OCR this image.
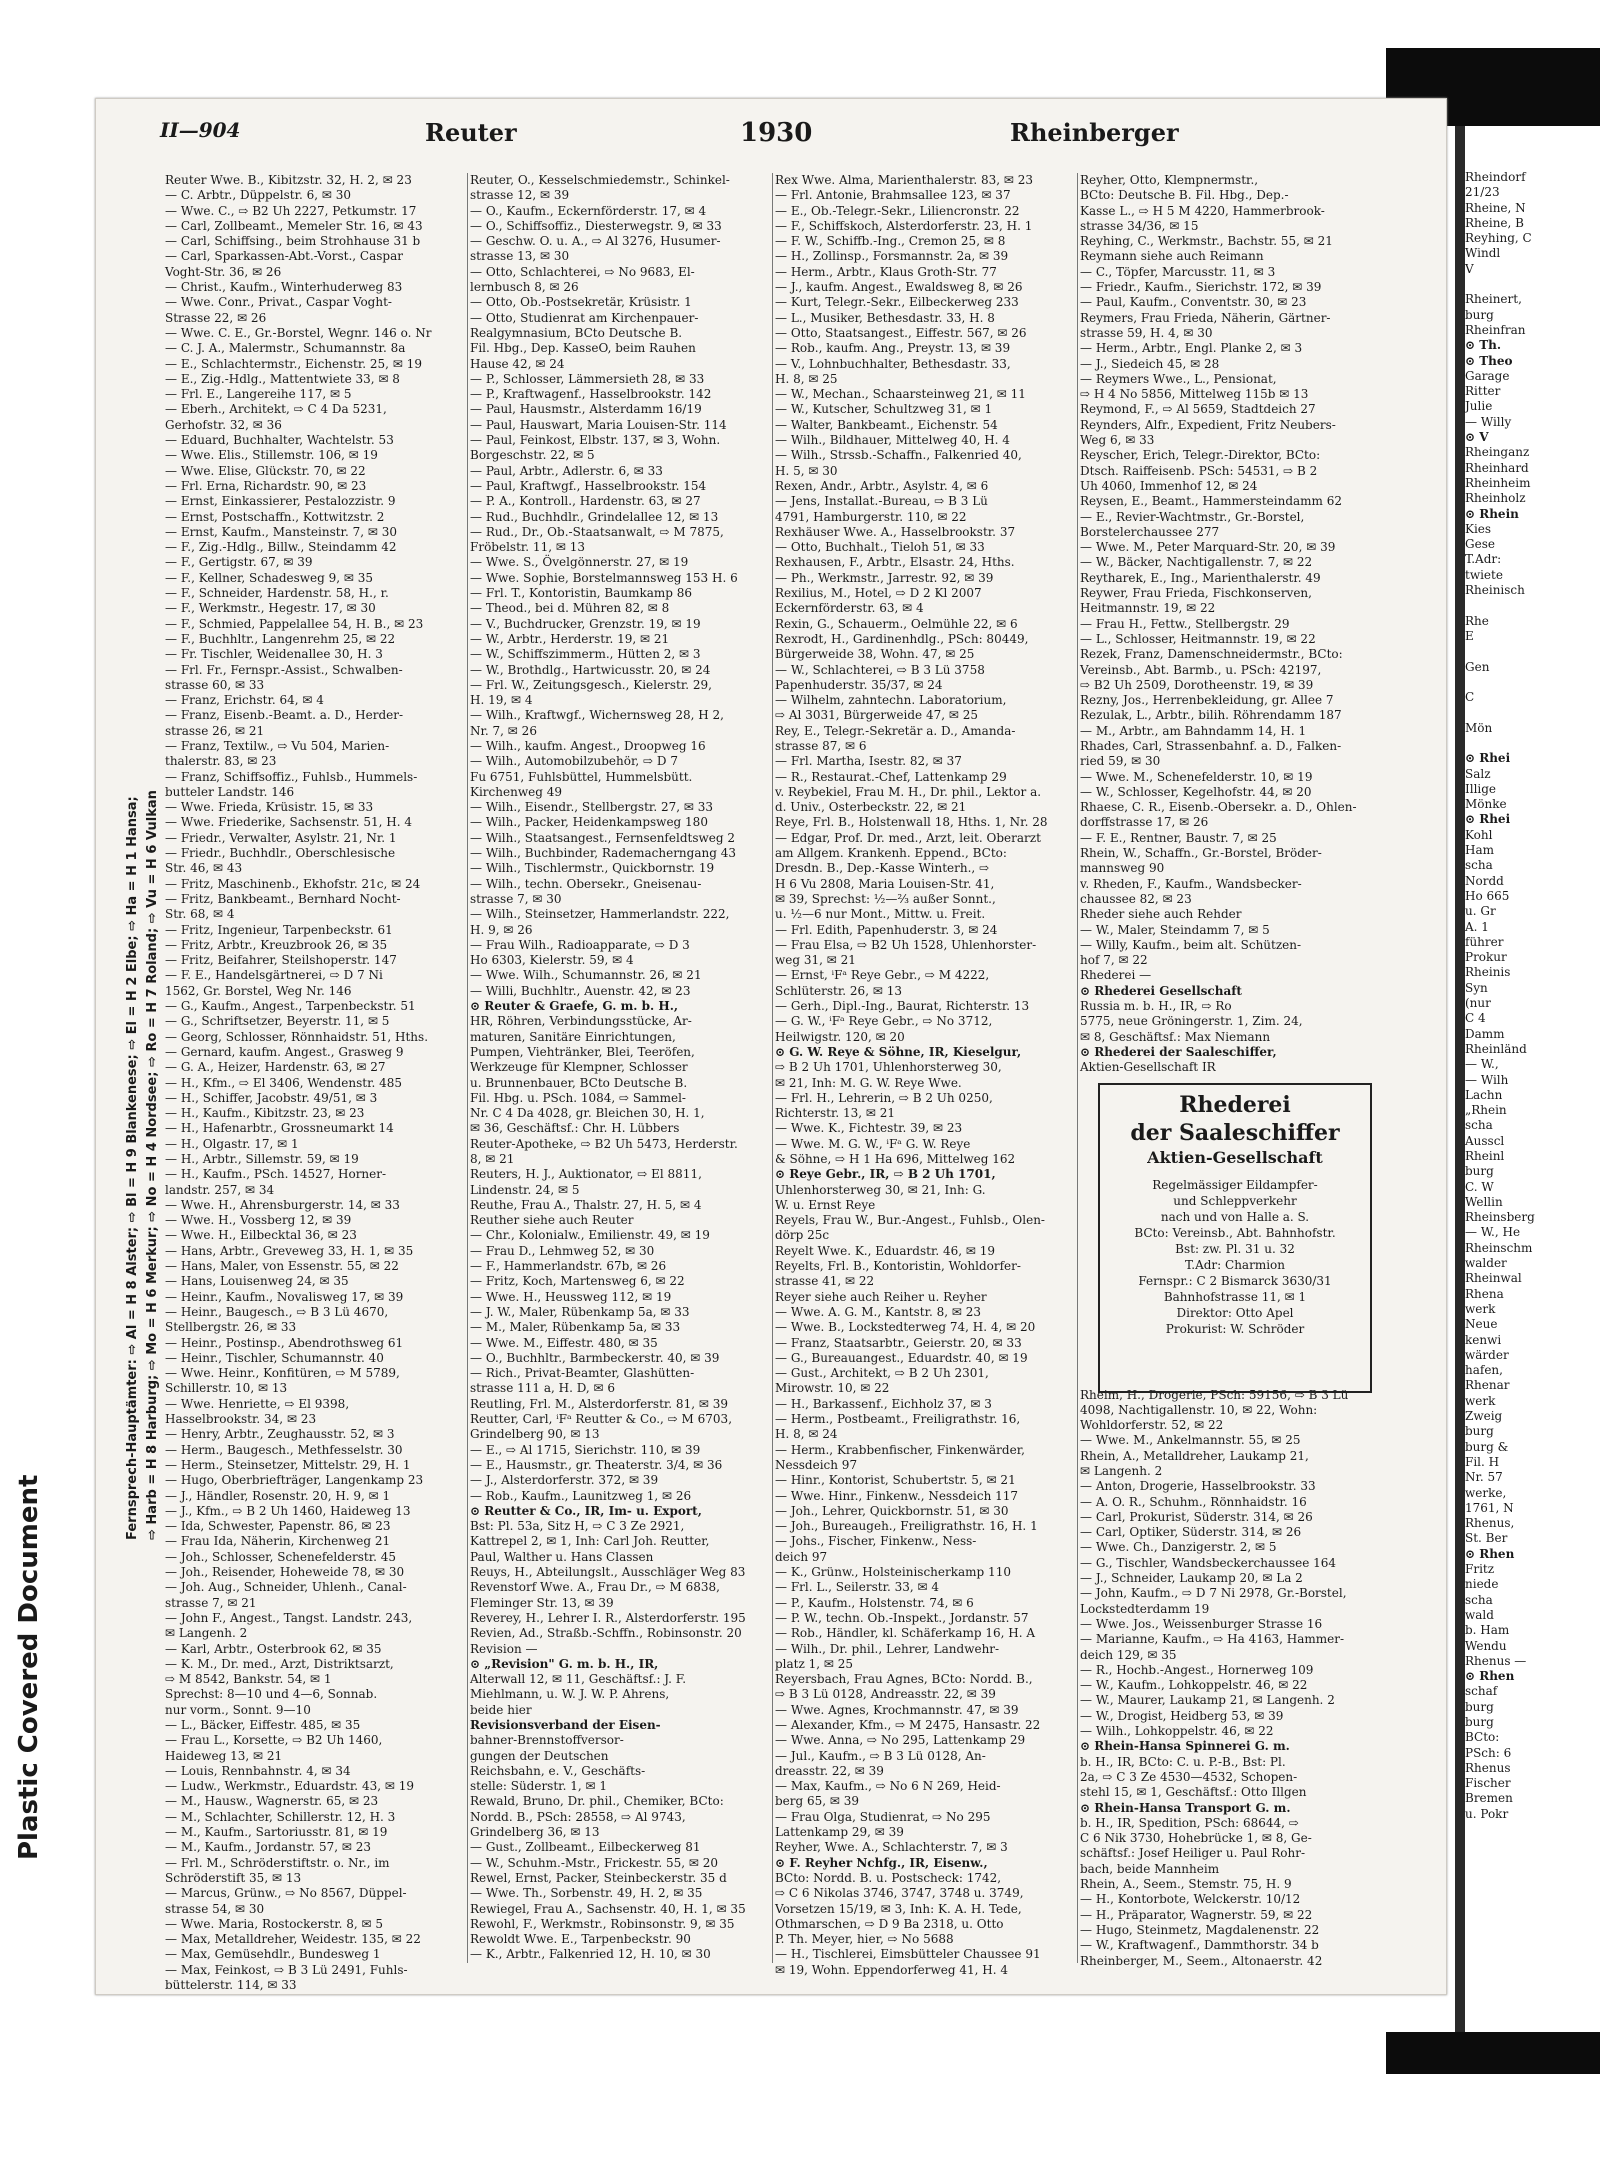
Plastic Covered Document
Fernsprech-Hauptämter: ⇨ Al = H 8 Alster; ⇨ Bl = H 9 Blankenese; ⇨ El = H 2 Elbe; ⇨ Ha = H 1 Hansa; ⇨ Harb = H 8 Harburg; ⇨ Mo = H 6 Merkur; ⇨ No = H 4 Nordsee; ⇨ Ro = H 7 Roland; ⇨ Vu = H 6 Vulkan
II—904	Reuter	1930	Rheinberger
Reuter Wwe. B., Kibitzstr. 32, H. 2, ✉ 23
— C. Arbtr., Düppelstr. 6, ✉ 30
— Wwe. C., ⇨ B2 Uh 2227, Petkumstr. 17
— Carl, Zollbeamt., Memeler Str. 16, ✉ 43
— Carl, Schiffsing., beim Strohhause 31 b
— Carl, Sparkassen-Abt.-Vorst., Caspar
Voght-Str. 36, ✉ 26
— Christ., Kaufm., Winterhuderweg 83
— Wwe. Conr., Privat., Caspar Voght-
Strasse 22, ✉ 26
— Wwe. C. E., Gr.-Borstel, Wegnr. 146 o. Nr
— C. J. A., Malermstr., Schumannstr. 8a
— E., Schlachtermstr., Eichenstr. 25, ✉ 19
— E., Zig.-Hdlg., Mattentwiete 33, ✉ 8
— Frl. E., Langereihe 117, ✉ 5
— Eberh., Architekt, ⇨ C 4 Da 5231,
Gerhofstr. 32, ✉ 36
— Eduard, Buchhalter, Wachtelstr. 53
— Wwe. Elis., Stillemstr. 106, ✉ 19
— Wwe. Elise, Glückstr. 70, ✉ 22
— Frl. Erna, Richardstr. 90, ✉ 23
— Ernst, Einkassierer, Pestalozzistr. 9
— Ernst, Postschaffn., Kottwitzstr. 2
— Ernst, Kaufm., Mansteinstr. 7, ✉ 30
— F., Zig.-Hdlg., Billw., Steindamm 42
— F., Gertigstr. 67, ✉ 39
— F., Kellner, Schadesweg 9, ✉ 35
— F., Schneider, Hardenstr. 58, H., r.
— F., Werkmstr., Hegestr. 17, ✉ 30
— F., Schmied, Pappelallee 54, H. B., ✉ 23
— F., Buchhltr., Langenrehm 25, ✉ 22
— Fr. Tischler, Weidenallee 30, H. 3
— Frl. Fr., Fernspr.-Assist., Schwalben-
strasse 60, ✉ 33
— Franz, Erichstr. 64, ✉ 4
— Franz, Eisenb.-Beamt. a. D., Herder-
strasse 26, ✉ 21
— Franz, Textilw., ⇨ Vu 504, Marien-
thalerstr. 83, ✉ 23
— Franz, Schiffsoffiz., Fuhlsb., Hummels-
butteler Landstr. 146
— Wwe. Frieda, Krüsistr. 15, ✉ 33
— Wwe. Friederike, Sachsenstr. 51, H. 4
— Friedr., Verwalter, Asylstr. 21, Nr. 1
— Friedr., Buchhdlr., Oberschlesische
Str. 46, ✉ 43
— Fritz, Maschinenb., Ekhofstr. 21c, ✉ 24
— Fritz, Bankbeamt., Bernhard Nocht-
Str. 68, ✉ 4
— Fritz, Ingenieur, Tarpenbeckstr. 61
— Fritz, Arbtr., Kreuzbrook 26, ✉ 35
— Fritz, Beifahrer, Steilshoperstr. 147
— F. E., Handelsgärtnerei, ⇨ D 7 Ni
1562, Gr. Borstel, Weg Nr. 146
— G., Kaufm., Angest., Tarpenbeckstr. 51
— G., Schriftsetzer, Beyerstr. 11, ✉ 5
— Georg, Schlosser, Rönnhaidstr. 51, Hths.
— Gernard, kaufm. Angest., Grasweg 9
— G. A., Heizer, Hardenstr. 63, ✉ 27
— H., Kfm., ⇨ El 3406, Wendenstr. 485
— H., Schiffer, Jacobstr. 49/51, ✉ 3
— H., Kaufm., Kibitzstr. 23, ✉ 23
— H., Hafenarbtr., Grossneumarkt 14
— H., Olgastr. 17, ✉ 1
— H., Arbtr., Sillemstr. 59, ✉ 19
— H., Kaufm., PSch. 14527, Horner-
landstr. 257, ✉ 34
— Wwe. H., Ahrensburgerstr. 14, ✉ 33
— Wwe. H., Vossberg 12, ✉ 39
— Wwe. H., Eilbecktal 36, ✉ 23
— Hans, Arbtr., Greveweg 33, H. 1, ✉ 35
— Hans, Maler, von Essenstr. 55, ✉ 22
— Hans, Louisenweg 24, ✉ 35
— Heinr., Kaufm., Novalisweg 17, ✉ 39
— Heinr., Baugesch., ⇨ B 3 Lü 4670,
Stellbergstr. 26, ✉ 33
— Heinr., Postinsp., Abendrothsweg 61
— Heinr., Tischler, Schumannstr. 40
— Wwe. Heinr., Konfitüren, ⇨ M 5789,
Schillerstr. 10, ✉ 13
— Wwe. Henriette, ⇨ El 9398,
Hasselbrookstr. 34, ✉ 23
— Henry, Arbtr., Zeughausstr. 52, ✉ 3
— Herm., Baugesch., Methfesselstr. 30
— Herm., Steinsetzer, Mittelstr. 29, H. 1
— Hugo, Oberbriefträger, Langenkamp 23
— J., Händler, Rosenstr. 20, H. 9, ✉ 1
— J., Kfm., ⇨ B 2 Uh 1460, Haideweg 13
— Ida, Schwester, Papenstr. 86, ✉ 23
— Frau Ida, Näherin, Kirchenweg 21
— Joh., Schlosser, Schenefelderstr. 45
— Joh., Reisender, Hoheweide 78, ✉ 30
— Joh. Aug., Schneider, Uhlenh., Canal-
strasse 7, ✉ 21
— John F., Angest., Tangst. Landstr. 243,
✉ Langenh. 2
— Karl, Arbtr., Osterbrook 62, ✉ 35
— K. M., Dr. med., Arzt, Distriktsarzt,
⇨ M 8542, Bankstr. 54, ✉ 1
Sprechst: 8—10 und 4—6, Sonnab.
nur vorm., Sonnt. 9—10
— L., Bäcker, Eiffestr. 485, ✉ 35
— Frau L., Korsette, ⇨ B2 Uh 1460,
Haideweg 13, ✉ 21
— Louis, Rennbahnstr. 4, ✉ 34
— Ludw., Werkmstr., Eduardstr. 43, ✉ 19
— M., Hausw., Wagnerstr. 65, ✉ 23
— M., Schlachter, Schillerstr. 12, H. 3
— M., Kaufm., Sartoriusstr. 81, ✉ 19
— M., Kaufm., Jordanstr. 57, ✉ 23
— Frl. M., Schröderstiftstr. o. Nr., im
Schröderstift 35, ✉ 13
— Marcus, Grünw., ⇨ No 8567, Düppel-
strasse 54, ✉ 30
— Wwe. Maria, Rostockerstr. 8, ✉ 5
— Max, Metalldreher, Weidestr. 135, ✉ 22
— Max, Gemüsehdlr., Bundesweg 1
— Max, Feinkost, ⇨ B 3 Lü 2491, Fuhls-
büttelerstr. 114, ✉ 33
Reuter, O., Kesselschmiedemstr., Schinkel-
strasse 12, ✉ 39
— O., Kaufm., Eckernförderstr. 17, ✉ 4
— O., Schiffsoffiz., Diesterwegstr. 9, ✉ 33
— Geschw. O. u. A., ⇨ Al 3276, Husumer-
strasse 13, ✉ 30
— Otto, Schlachterei, ⇨ No 9683, El-
lernbusch 8, ✉ 26
— Otto, Ob.-Postsekretär, Krüsistr. 1
— Otto, Studienrat am Kirchenpauer-
Realgymnasium, BCto Deutsche B.
Fil. Hbg., Dep. KasseO, beim Rauhen
Hause 42, ✉ 24
— P., Schlosser, Lämmersieth 28, ✉ 33
— P., Kraftwagenf., Hasselbrookstr. 142
— Paul, Hausmstr., Alsterdamm 16/19
— Paul, Hauswart, Maria Louisen-Str. 114
— Paul, Feinkost, Elbstr. 137, ✉ 3, Wohn.
Borgeschstr. 22, ✉ 5
— Paul, Arbtr., Adlerstr. 6, ✉ 33
— Paul, Kraftwgf., Hasselbrookstr. 154
— P. A., Kontroll., Hardenstr. 63, ✉ 27
— Rud., Buchhdlr., Grindelallee 12, ✉ 13
— Rud., Dr., Ob.-Staatsanwalt, ⇨ M 7875,
Fröbelstr. 11, ✉ 13
— Wwe. S., Övelgönnerstr. 27, ✉ 19
— Wwe. Sophie, Borstelmannsweg 153 H. 6
— Frl. T., Kontoristin, Baumkamp 86
— Theod., bei d. Mühren 82, ✉ 8
— V., Buchdrucker, Grenzstr. 19, ✉ 19
— W., Arbtr., Herderstr. 19, ✉ 21
— W., Schiffszimmerm., Hütten 2, ✉ 3
— W., Brothdlg., Hartwicusstr. 20, ✉ 24
— Frl. W., Zeitungsgesch., Kielerstr. 29,
H. 19, ✉ 4
— Wilh., Kraftwgf., Wichernsweg 28, H 2,
Nr. 7, ✉ 26
— Wilh., kaufm. Angest., Droopweg 16
— Wilh., Automobilzubehör, ⇨ D 7
Fu 6751, Fuhlsbüttel, Hummelsbütt.
Kirchenweg 49
— Wilh., Eisendr., Stellbergstr. 27, ✉ 33
— Wilh., Packer, Heidenkampsweg 180
— Wilh., Staatsangest., Fernsenfeldtsweg 2
— Wilh., Buchbinder, Rademacherngang 43
— Wilh., Tischlermstr., Quickbornstr. 19
— Wilh., techn. Obersekr., Gneisenau-
strasse 7, ✉ 30
— Wilh., Steinsetzer, Hammerlandstr. 222,
H. 9, ✉ 26
— Frau Wilh., Radioapparate, ⇨ D 3
Ho 6303, Kielerstr. 59, ✉ 4
— Wwe. Wilh., Schumannstr. 26, ✉ 21
— Willi, Buchhltr., Auenstr. 42, ✉ 23
⊙ Reuter & Graefe, G. m. b. H.,
HR, Röhren, Verbindungsstücke, Ar-
maturen, Sanitäre Einrichtungen,
Pumpen, Viehtränker, Blei, Teeröfen,
Werkzeuge für Klempner, Schlosser
u. Brunnenbauer, BCto Deutsche B.
Fil. Hbg. u. PSch. 1084, ⇨ Sammel-
Nr. C 4 Da 4028, gr. Bleichen 30, H. 1,
✉ 36, Geschäftsf.: Chr. H. Lübbers
Reuter-Apotheke, ⇨ B2 Uh 5473, Herderstr.
8, ✉ 21
Reuters, H. J., Auktionator, ⇨ El 8811,
Lindenstr. 24, ✉ 5
Reuthe, Frau A., Thalstr. 27, H. 5, ✉ 4
Reuther siehe auch Reuter
— Chr., Kolonialw., Emilienstr. 49, ✉ 19
— Frau D., Lehmweg 52, ✉ 30
— F., Hammerlandstr. 67b, ✉ 26
— Fritz, Koch, Martensweg 6, ✉ 22
— Wwe. H., Heussweg 112, ✉ 19
— J. W., Maler, Rübenkamp 5a, ✉ 33
— M., Maler, Rübenkamp 5a, ✉ 33
— Wwe. M., Eiffestr. 480, ✉ 35
— O., Buchhltr., Barmbeckerstr. 40, ✉ 39
— Rich., Privat-Beamter, Glashütten-
strasse 111 a, H. D, ✉ 6
Reutling, Frl. M., Alsterdorferstr. 81, ✉ 39
Reutter, Carl, ⁱFᵃ Reutter & Co., ⇨ M 6703,
Grindelberg 90, ✉ 13
— E., ⇨ Al 1715, Sierichstr. 110, ✉ 39
— E., Hausmstr., gr. Theaterstr. 3/4, ✉ 36
— J., Alsterdorferstr. 372, ✉ 39
— Rob., Kaufm., Launitzweg 1, ✉ 26
⊙ Reutter & Co., IR, Im- u. Export,
Bst: Pl. 53a, Sitz H, ⇨ C 3 Ze 2921,
Kattrepel 2, ✉ 1, Inh: Carl Joh. Reutter,
Paul, Walther u. Hans Classen
Reuys, H., Abteilungslt., Ausschläger Weg 83
Revenstorf Wwe. A., Frau Dr., ⇨ M 6838,
Fleminger Str. 13, ✉ 39
Reverey, H., Lehrer I. R., Alsterdorferstr. 195
Revien, Ad., Straßb.-Schffn., Robinsonstr. 20
Revision —
⊙ „Revision" G. m. b. H., IR,
Alterwall 12, ✉ 11, Geschäftsf.: J. F.
Miehlmann, u. W. J. W. P. Ahrens,
beide hier
Revisionsverband der Eisen-
bahner-Brennstoffversor-
gungen der Deutschen
Reichsbahn, e. V., Geschäfts-
stelle: Süderstr. 1, ✉ 1
Rewald, Bruno, Dr. phil., Chemiker, BCto:
Nordd. B., PSch: 28558, ⇨ Al 9743,
Grindelberg 36, ✉ 13
— Gust., Zollbeamt., Eilbeckerweg 81
— W., Schuhm.-Mstr., Frickestr. 55, ✉ 20
Rewel, Ernst, Packer, Steinbeckerstr. 35 d
— Wwe. Th., Sorbenstr. 49, H. 2, ✉ 35
Rewiegel, Frau A., Sachsenstr. 40, H. 1, ✉ 35
Rewohl, F., Werkmstr., Robinsonstr. 9, ✉ 35
Rewoldt Wwe. E., Tarpenbeckstr. 90
— K., Arbtr., Falkenried 12, H. 10, ✉ 30
Rex Wwe. Alma, Marienthalerstr. 83, ✉ 23
— Frl. Antonie, Brahmsallee 123, ✉ 37
— E., Ob.-Telegr.-Sekr., Liliencronstr. 22
— F., Schiffskoch, Alsterdorferstr. 23, H. 1
— F. W., Schiffb.-Ing., Cremon 25, ✉ 8
— H., Zollinsp., Forsmannstr. 2a, ✉ 39
— Herm., Arbtr., Klaus Groth-Str. 77
— J., kaufm. Angest., Ewaldsweg 8, ✉ 26
— Kurt, Telegr.-Sekr., Eilbeckerweg 233
— L., Musiker, Bethesdastr. 33, H. 8
— Otto, Staatsangest., Eiffestr. 567, ✉ 26
— Rob., kaufm. Ang., Preystr. 13, ✉ 39
— V., Lohnbuchhalter, Bethesdastr. 33,
H. 8, ✉ 25
— W., Mechan., Schaarsteinweg 21, ✉ 11
— W., Kutscher, Schultzweg 31, ✉ 1
— Walter, Bankbeamt., Eichenstr. 54
— Wilh., Bildhauer, Mittelweg 40, H. 4
— Wilh., Strssb.-Schaffn., Falkenried 40,
H. 5, ✉ 30
Rexen, Andr., Arbtr., Asylstr. 4, ✉ 6
— Jens, Installat.-Bureau, ⇨ B 3 Lü
4791, Hamburgerstr. 110, ✉ 22
Rexhäuser Wwe. A., Hasselbrookstr. 37
— Otto, Buchhalt., Tieloh 51, ✉ 33
Rexhausen, F., Arbtr., Elsastr. 24, Hths.
— Ph., Werkmstr., Jarrestr. 92, ✉ 39
Rexilius, M., Hotel, ⇨ D 2 Kl 2007
Eckernförderstr. 63, ✉ 4
Rexin, G., Schauerm., Oelmühle 22, ✉ 6
Rexrodt, H., Gardinenhdlg., PSch: 80449,
Bürgerweide 38, Wohn. 47, ✉ 25
— W., Schlachterei, ⇨ B 3 Lü 3758
Papenhuderstr. 35/37, ✉ 24
— Wilhelm, zahntechn. Laboratorium,
⇨ Al 3031, Bürgerweide 47, ✉ 25
Rey, E., Telegr.-Sekretär a. D., Amanda-
strasse 87, ✉ 6
— Frl. Martha, Isestr. 82, ✉ 37
— R., Restaurat.-Chef, Lattenkamp 29
v. Reybekiel, Frau M. H., Dr. phil., Lektor a.
d. Univ., Osterbeckstr. 22, ✉ 21
Reye, Frl. B., Holstenwall 18, Hths. 1, Nr. 28
— Edgar, Prof. Dr. med., Arzt, leit. Oberarzt
am Allgem. Krankenh. Eppend., BCto:
Dresdn. B., Dep.-Kasse Winterh., ⇨
H 6 Vu 2808, Maria Louisen-Str. 41,
✉ 39, Sprechst: ½—⅔ außer Sonnt.,
u. ½—6 nur Mont., Mittw. u. Freit.
— Frl. Edith, Papenhuderstr. 3, ✉ 24
— Frau Elsa, ⇨ B2 Uh 1528, Uhlenhorster-
weg 31, ✉ 21
— Ernst, ⁱFᵃ Reye Gebr., ⇨ M 4222,
Schlüterstr. 26, ✉ 13
— Gerh., Dipl.-Ing., Baurat, Richterstr. 13
— G. W., ⁱFᵃ Reye Gebr., ⇨ No 3712,
Heilwigstr. 120, ✉ 20
⊙ G. W. Reye & Söhne, IR, Kieselgur,
⇨ B 2 Uh 1701, Uhlenhorsterweg 30,
✉ 21, Inh: M. G. W. Reye Wwe.
— Frl. H., Lehrerin, ⇨ B 2 Uh 0250,
Richterstr. 13, ✉ 21
— Wwe. K., Fichtestr. 39, ✉ 23
— Wwe. M. G. W., ⁱFᵃ G. W. Reye
& Söhne, ⇨ H 1 Ha 696, Mittelweg 162
⊙ Reye Gebr., IR, ⇨ B 2 Uh 1701,
Uhlenhorsterweg 30, ✉ 21, Inh: G.
W. u. Ernst Reye
Reyels, Frau W., Bur.-Angest., Fuhlsb., Olen-
dörp 25c
Reyelt Wwe. K., Eduardstr. 46, ✉ 19
Reyelts, Frl. B., Kontoristin, Wohldorfer-
strasse 41, ✉ 22
Reyer siehe auch Reiher u. Reyher
— Wwe. A. G. M., Kantstr. 8, ✉ 23
— Wwe. B., Lockstedterweg 74, H. 4, ✉ 20
— Franz, Staatsarbtr., Geierstr. 20, ✉ 33
— G., Bureauangest., Eduardstr. 40, ✉ 19
— Gust., Architekt, ⇨ B 2 Uh 2301,
Mirowstr. 10, ✉ 22
— H., Barkassenf., Eichholz 37, ✉ 3
— Herm., Postbeamt., Freiligrathstr. 16,
H. 8, ✉ 24
— Herm., Krabbenfischer, Finkenwärder,
Nessdeich 97
— Hinr., Kontorist, Schubertstr. 5, ✉ 21
— Wwe. Hinr., Finkenw., Nessdeich 117
— Joh., Lehrer, Quickbornstr. 51, ✉ 30
— Joh., Bureaugeh., Freiligrathstr. 16, H. 1
— Johs., Fischer, Finkenw., Ness-
deich 97
— K., Grünw., Holsteinischerkamp 110
— Frl. L., Seilerstr. 33, ✉ 4
— P., Kaufm., Holstenstr. 74, ✉ 6
— P. W., techn. Ob.-Inspekt., Jordanstr. 57
— Rob., Händler, kl. Schäferkamp 16, H. A
— Wilh., Dr. phil., Lehrer, Landwehr-
platz 1, ✉ 25
Reyersbach, Frau Agnes, BCto: Nordd. B.,
⇨ B 3 Lü 0128, Andreasstr. 22, ✉ 39
— Wwe. Agnes, Krochmannstr. 47, ✉ 39
— Alexander, Kfm., ⇨ M 2475, Hansastr. 22
— Wwe. Anna, ⇨ No 295, Lattenkamp 29
— Jul., Kaufm., ⇨ B 3 Lü 0128, An-
dreasstr. 22, ✉ 39
— Max, Kaufm., ⇨ No 6 N 269, Heid-
berg 65, ✉ 39
— Frau Olga, Studienrat, ⇨ No 295
Lattenkamp 29, ✉ 39
Reyher, Wwe. A., Schlachterstr. 7, ✉ 3
⊙ F. Reyher Nchfg., IR, Eisenw.,
BCto: Nordd. B. u. Postscheck: 1742,
⇨ C 6 Nikolas 3746, 3747, 3748 u. 3749,
Vorsetzen 15/19, ✉ 3, Inh: K. A. H. Tede,
Othmarschen, ⇨ D 9 Ba 2318, u. Otto
P. Th. Meyer, hier, ⇨ No 5688
— H., Tischlerei, Eimsbütteler Chaussee 91
✉ 19, Wohn. Eppendorferweg 41, H. 4
Reyher, Otto, Klempnermstr.,
BCto: Deutsche B. Fil. Hbg., Dep.-
Kasse L., ⇨ H 5 M 4220, Hammerbrook-
strasse 34/36, ✉ 15
Reyhing, C., Werkmstr., Bachstr. 55, ✉ 21
Reymann siehe auch Reimann
— C., Töpfer, Marcusstr. 11, ✉ 3
— Friedr., Kaufm., Sierichstr. 172, ✉ 39
— Paul, Kaufm., Conventstr. 30, ✉ 23
Reymers, Frau Frieda, Näherin, Gärtner-
strasse 59, H. 4, ✉ 30
— Herm., Arbtr., Engl. Planke 2, ✉ 3
— J., Siedeich 45, ✉ 28
— Reymers Wwe., L., Pensionat,
⇨ H 4 No 5856, Mittelweg 115b ✉ 13
Reymond, F., ⇨ Al 5659, Stadtdeich 27
Reynders, Alfr., Expedient, Fritz Neubers-
Weg 6, ✉ 33
Reyscher, Erich, Telegr.-Direktor, BCto:
Dtsch. Raiffeisenb. PSch: 54531, ⇨ B 2
Uh 4060, Immenhof 12, ✉ 24
Reysen, E., Beamt., Hammersteindamm 62
— E., Revier-Wachtmstr., Gr.-Borstel,
Borstelerchaussee 277
— Wwe. M., Peter Marquard-Str. 20, ✉ 39
— W., Bäcker, Nachtigallenstr. 7, ✉ 22
Reytharek, E., Ing., Marienthalerstr. 49
Reywer, Frau Frieda, Fischkonserven,
Heitmannstr. 19, ✉ 22
— Frau H., Fettw., Stellbergstr. 29
— L., Schlosser, Heitmannstr. 19, ✉ 22
Rezek, Franz, Damenschneidermstr., BCto:
Vereinsb., Abt. Barmb., u. PSch: 42197,
⇨ B2 Uh 2509, Dorotheenstr. 19, ✉ 39
Rezny, Jos., Herrenbekleidung, gr. Allee 7
Rezulak, L., Arbtr., bilih. Röhrendamm 187
— M., Arbtr., am Bahndamm 14, H. 1
Rhades, Carl, Strassenbahnf. a. D., Falken-
ried 59, ✉ 30
— Wwe. M., Schenefelderstr. 10, ✉ 19
— W., Schlosser, Kegelhofstr. 44, ✉ 20
Rhaese, C. R., Eisenb.-Obersekr. a. D., Ohlen-
dorffstrasse 17, ✉ 26
— F. E., Rentner, Baustr. 7, ✉ 25
Rhein, W., Schaffn., Gr.-Borstel, Bröder-
mannsweg 90
v. Rheden, F., Kaufm., Wandsbecker-
chaussee 82, ✉ 23
Rheder siehe auch Rehder
— W., Maler, Steindamm 7, ✉ 5
— Willy, Kaufm., beim alt. Schützen-
hof 7, ✉ 22
Rhederei —
⊙ Rhederei Gesellschaft
Russia m. b. H., IR, ⇨ Ro
5775, neue Gröningerstr. 1, Zim. 24,
✉ 8, Geschäftsf.: Max Niemann
⊙ Rhederei der Saaleschiffer,
Aktien-Gesellschaft IR
Rheim, H., Drogerie, PSch: 59156, ⇨ B 3 Lü
4098, Nachtigallenstr. 10, ✉ 22, Wohn:
Wohldorferstr. 52, ✉ 22
— Wwe. M., Ankelmannstr. 55, ✉ 25
Rhein, A., Metalldreher, Laukamp 21,
✉ Langenh. 2
— Anton, Drogerie, Hasselbrookstr. 33
— A. O. R., Schuhm., Rönnhaidstr. 16
— Carl, Prokurist, Süderstr. 314, ✉ 26
— Carl, Optiker, Süderstr. 314, ✉ 26
— Wwe. Ch., Danzigerstr. 2, ✉ 5
— G., Tischler, Wandsbeckerchaussee 164
— J., Schneider, Laukamp 20, ✉ La 2
— John, Kaufm., ⇨ D 7 Ni 2978, Gr.-Borstel,
Lockstedterdamm 19
— Wwe. Jos., Weissenburger Strasse 16
— Marianne, Kaufm., ⇨ Ha 4163, Hammer-
deich 129, ✉ 35
— R., Hochb.-Angest., Hornerweg 109
— W., Kaufm., Lohkoppelstr. 46, ✉ 22
— W., Maurer, Laukamp 21, ✉ Langenh. 2
— W., Drogist, Heidberg 53, ✉ 39
— Wilh., Lohkoppelstr. 46, ✉ 22
⊙ Rhein-Hansa Spinnerei G. m.
b. H., IR, BCto: C. u. P.-B., Bst: Pl.
2a, ⇨ C 3 Ze 4530—4532, Schopen-
stehl 15, ✉ 1, Geschäftsf.: Otto Illgen
⊙ Rhein-Hansa Transport G. m.
b. H., IR, Spedition, PSch: 68644, ⇨
C 6 Nik 3730, Hohebrücke 1, ✉ 8, Ge-
schäftsf.: Josef Heiliger u. Paul Rohr-
bach, beide Mannheim
Rhein, A., Seem., Stemstr. 75, H. 9
— H., Kontorbote, Welckerstr. 10/12
— H., Präparator, Wagnerstr. 59, ✉ 22
— Hugo, Steinmetz, Magdalenenstr. 22
— W., Kraftwagenf., Dammthorstr. 34 b
Rheinberger, M., Seem., Altonaerstr. 42
Rheindorf
21/23
Rheine, N
Rheine, B
Reyhing, C
Windl
V

Rheinert,
burg
Rheinfran
⊙ Th.
⊙ Theo
Garage
Ritter
Julie
— Willy
⊙ V
Rheinganz
Rheinhard
Rheinheim
Rheinholz
⊙ Rhein
Kies
Gese
T.Adr:
twiete
Rheinisch

Rhe
E

Gen

C

Mön

⊙ Rhei
Salz
Illige
Mönke
⊙ Rhei
Kohl
Ham
scha
Nordd
Ho 665
u. Gr
A. 1
führer
Prokur
Rheinis
Syn
(nur
C 4
Damm
Rheinländ
— W.,
— Wilh
Lachn
„Rhein
scha
Ausscl
Rheinl
burg
C. W
Wellin
Rheinsberg
— W., He
Rheinschm
walder
Rheinwal
Rhena
werk
Neue
kenwi
wärder
hafen,
Rhenar
werk
Zweig
burg
burg &
Fil. H
Nr. 57
werke,
1761, N
Rhenus,
St. Ber
⊙ Rhen
Fritz
niede
scha
wald
b. Ham
Wendu
Rhenus —
⊙ Rhen
schaf
burg
burg
BCto:
PSch: 6
Rhenus
Fischer
Bremen
u. Pokr
Rhederei
der Saaleschiffer
Aktien-Gesellschaft
Regelmässiger Eildampfer-
und Schleppverkehr
nach und von Halle a. S.
BCto: Vereinsb., Abt. Bahnhofstr.
Bst: zw. Pl. 31 u. 32
T.Adr: Charmion
Fernspr.: C 2 Bismarck 3630/31
Bahnhofstrasse 11, ✉ 1
Direktor: Otto Apel
Prokurist: W. Schröder
